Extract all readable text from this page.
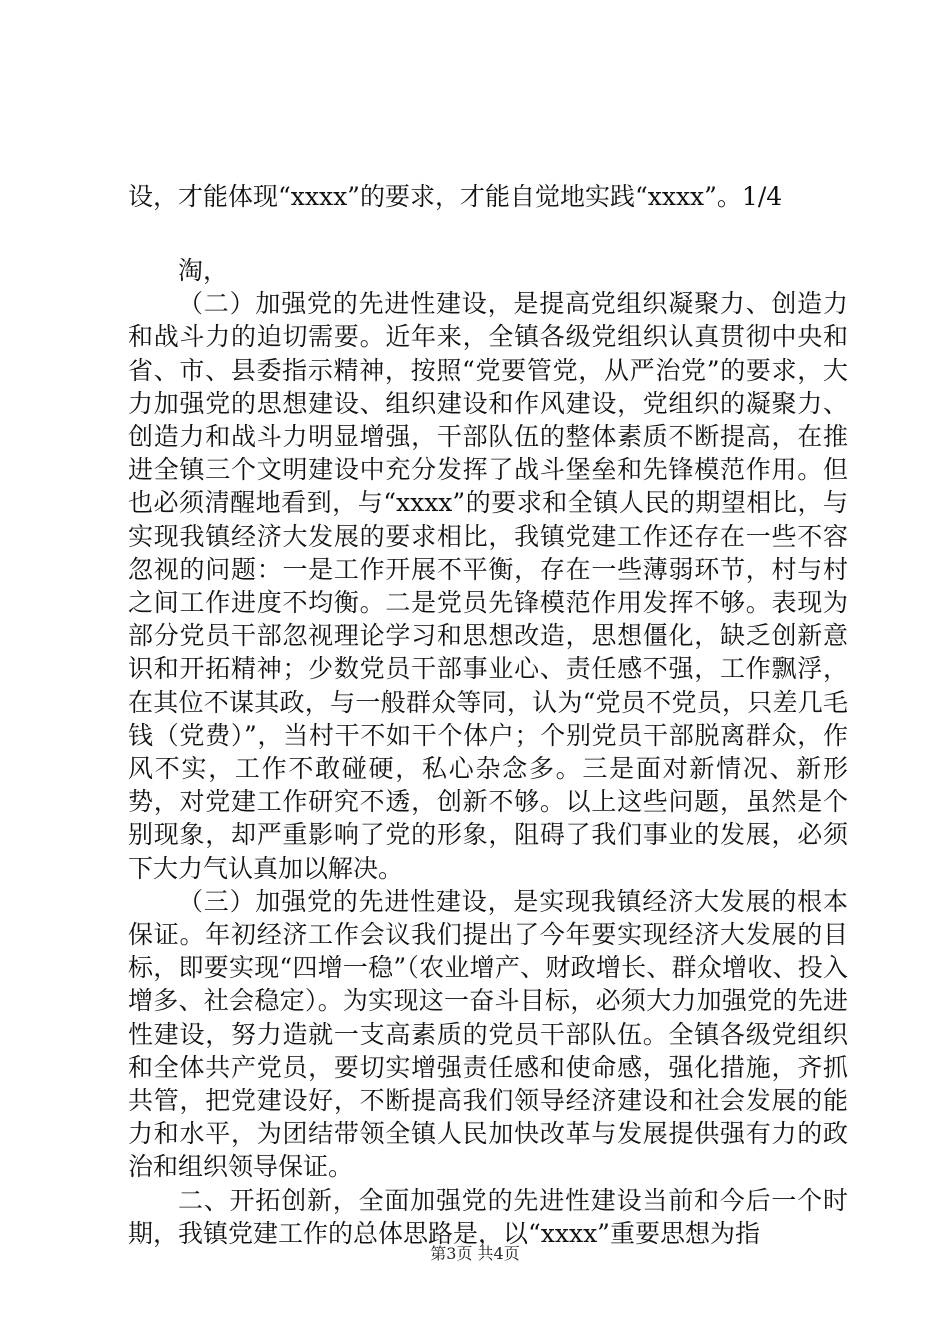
设，才能体现“xxxx”的要求，才能自觉地实践“xxxx”。1/4

淘，

（二）加强党的先进性建设，是提高党组织凝聚力、创造力和战斗力的迫切需要。近年来，全镇各级党组织认真贯彻中央和省、市、县委指示精神，按照“党要管党，从严治党”的要求，大力加强党的思想建设、组织建设和作风建设，党组织的凝聚力、创造力和战斗力明显增强，干部队伍的整体素质不断提高，在推进全镇三个文明建设中充分发挥了战斗堡垒和先锋模范作用。但也必须清醒地看到，与“xxxx”的要求和全镇人民的期望相比，与实现我镇经济大发展的要求相比，我镇党建工作还存在一些不容忽视的问题：一是工作开展不平衡，存在一些薄弱环节，村与村之间工作进度不均衡。二是党员先锋模范作用发挥不够。表现为部分党员干部忽视理论学习和思想改造，思想僵化，缺乏创新意识和开拓精神；少数党员干部事业心、责任感不强，工作飘浮，在其位不谋其政，与一般群众等同，认为“党员不党员，只差几毛钱（党费）”，当村干不如干个体户；个别党员干部脱离群众，作风不实，工作不敢碰硬，私心杂念多。三是面对新情况、新形势，对党建工作研究不透，创新不够。以上这些问题，虽然是个别现象，却严重影响了党的形象，阻碍了我们事业的发展，必须下大力气认真加以解决。

（三）加强党的先进性建设，是实现我镇经济大发展的根本保证。年初经济工作会议我们提出了今年要实现经济大发展的目标，即要实现“四增一稳”（农业增产、财政增长、群众增收、投入增多、社会稳定）。为实现这一奋斗目标，必须大力加强党的先进性建设，努力造就一支高素质的党员干部队伍。全镇各级党组织和全体共产党员，要切实增强责任感和使命感，强化措施，齐抓共管，把党建设好，不断提高我们领导经济建设和社会发展的能力和水平，为团结带领全镇人民加快改革与发展提供强有力的政治和组织领导保证。

二、开拓创新，全面加强党的先进性建设当前和今后一个时期，我镇党建工作的总体思路是，以“xxxx”重要思想为指

第3页 共4页
